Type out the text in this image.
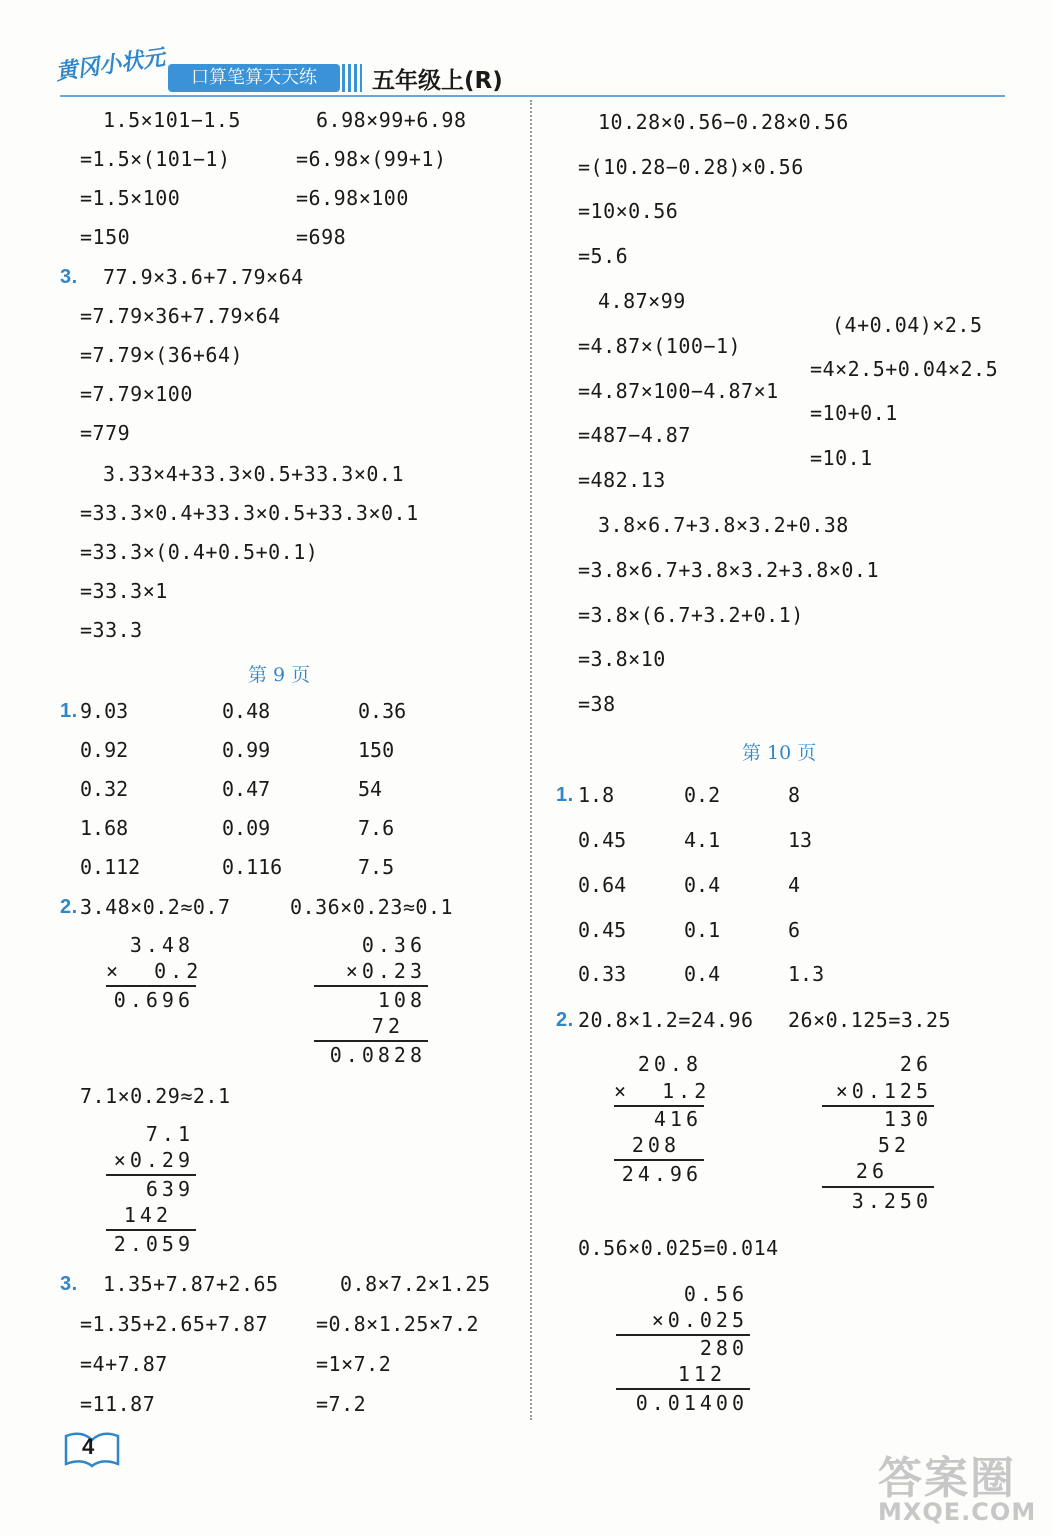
黄冈小状元	口算笔算天天练	五年级上(R)
1.5×101−1.5
=1.5×(101−1)
=1.5×100
=150
6.98×99+6.98
=6.98×(99+1)
=6.98×100
=698
3. 77.9×3.6+7.79×64
=7.79×36+7.79×64
=7.79×(36+64)
=7.79×100
=779
3.33×4+33.3×0.5+33.3×0.1
=33.3×0.4+33.3×0.5+33.3×0.1
=33.3×(0.4+0.5+0.1)
=33.3×1
=33.3
第 9 页
1. 9.03	0.48	0.36
0.92	0.99	150
0.32	0.47	54
1.68	0.09	7.6
0.112	0.116	7.5
2. 3.48×0.2≈0.7	0.36×0.23≈0.1
3.48
×  0.2
0.696
0.36
×0.23
108
72
0.0828
7.1×0.29≈2.1
7.1
×0.29
639
142
2.059
3. 1.35+7.87+2.65
=1.35+2.65+7.87
=4+7.87
=11.87
0.8×7.2×1.25
=0.8×1.25×7.2
=1×7.2
=7.2
10.28×0.56−0.28×0.56
=(10.28−0.28)×0.56
=10×0.56
=5.6
4.87×99
=4.87×(100−1)
=4.87×100−4.87×1
=487−4.87
=482.13
(4+0.04)×2.5
=4×2.5+0.04×2.5
=10+0.1
=10.1
3.8×6.7+3.8×3.2+0.38
=3.8×6.7+3.8×3.2+3.8×0.1
=3.8×(6.7+3.2+0.1)
=3.8×10
=38
第 10 页
1. 1.8	0.2	8
0.45	4.1	13
0.64	0.4	4
0.45	0.1	6
0.33	0.4	1.3
2. 20.8×1.2=24.96 26×0.125=3.25
20.8
×  1.2
416
208
24.96
26
×0.125
130
52
26
3.250
0.56×0.025=0.014
0.56
×0.025
280
112
0.01400
4
答案圈
MXQE.COM
